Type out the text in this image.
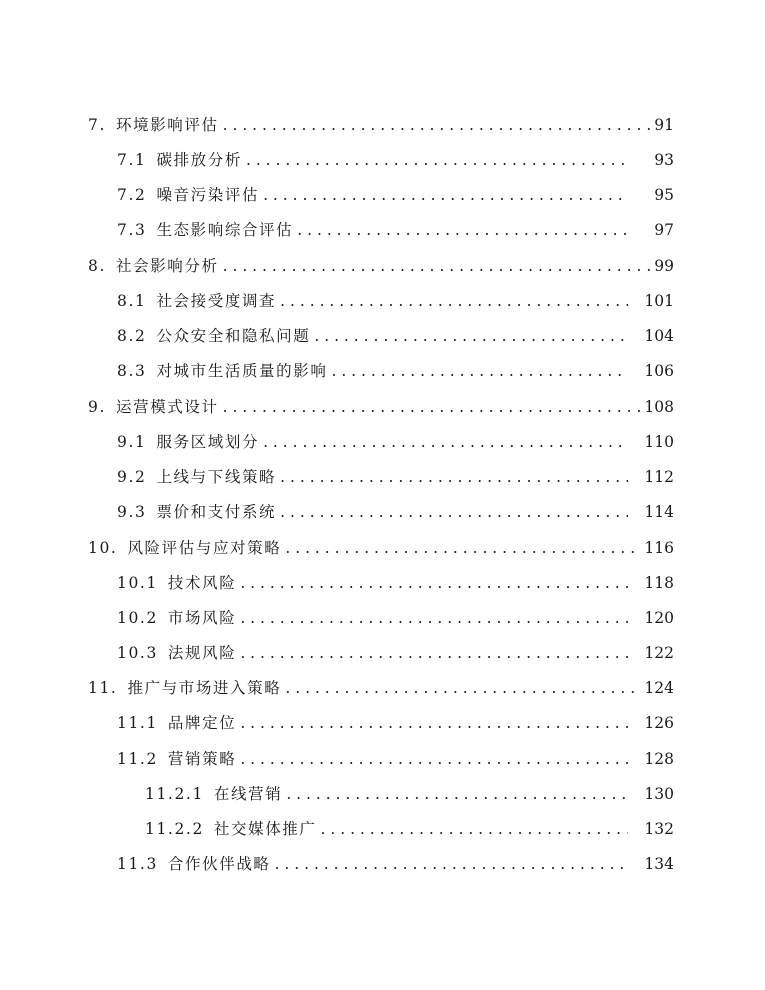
7. 环境影响评估 . . .	91
7.1 碳排放分析 . . .	93
7.2 噪音污染评估 . . .	95
7.3 生态影响综合评估 . . .	97
8. 社会影响分析 . . .	99
8.1 社会接受度调查 . . .	101
8.2 公众安全和隐私问题 . . .	104
8.3 对城市生活质量的影响 . . .	106
9. 运营模式设计 . . .	108
9.1 服务区域划分 . . .	110
9.2 上线与下线策略 . . .	112
9.3 票价和支付系统 . . .	114
10. 风险评估与应对策略 . . .	116
10.1 技术风险 . . .	118
10.2 市场风险 . . .	120
10.3 法规风险 . . .	122
11. 推广与市场进入策略 . . .	124
11.1 品牌定位 . . .	126
11.2 营销策略 . . .	128
11.2.1 在线营销 . . .	130
11.2.2 社交媒体推广 . . .	132
11.3 合作伙伴战略 . . .	134
